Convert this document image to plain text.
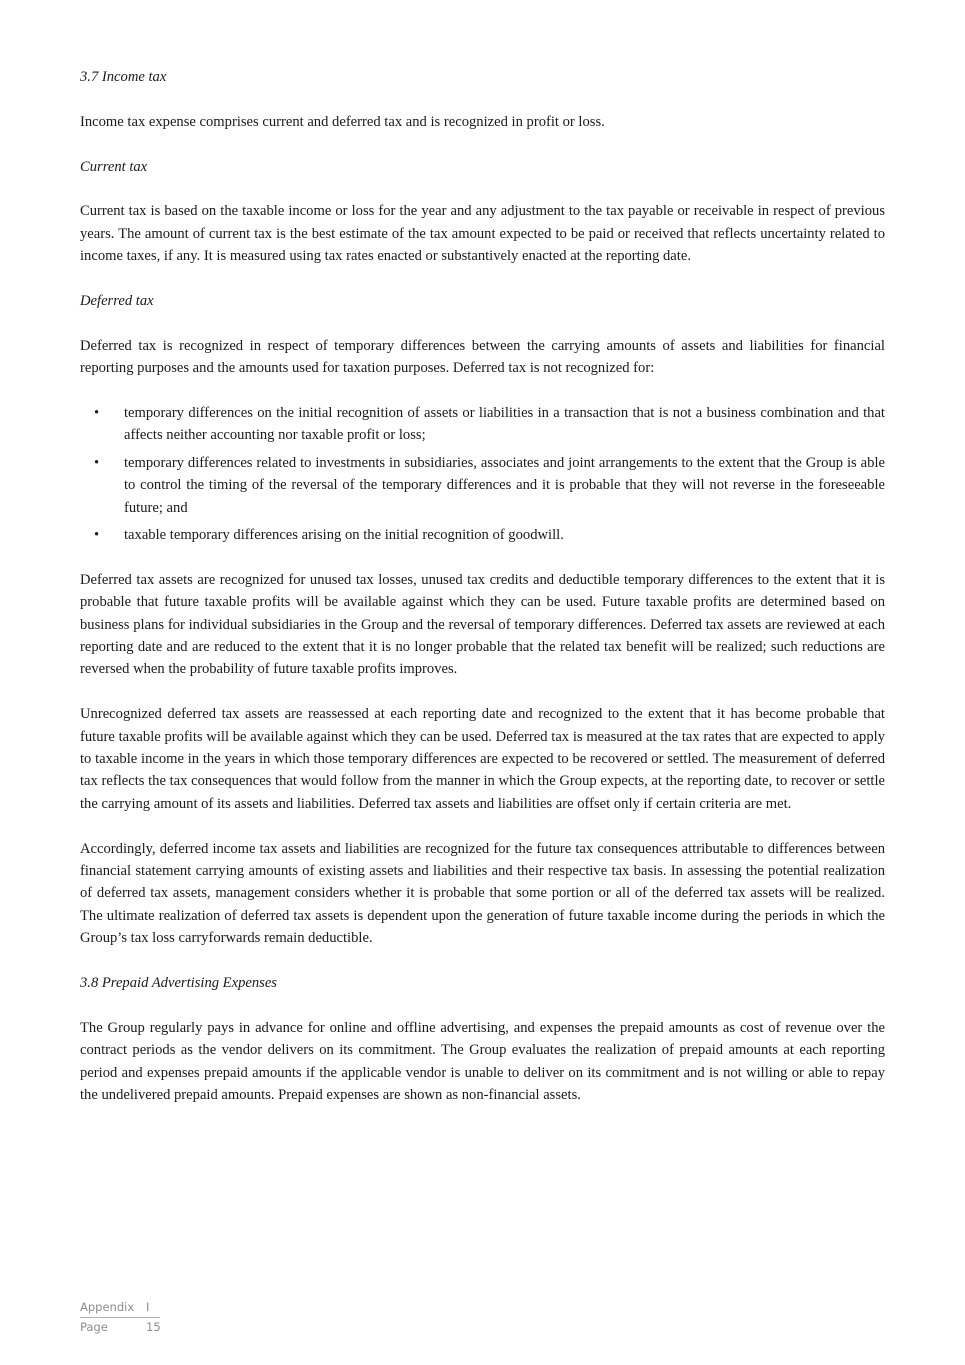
3.7 Income tax

Income tax expense comprises current and deferred tax and is recognized in profit or loss.

Current tax

Current tax is based on the taxable income or loss for the year and any adjustment to the tax payable or receivable in respect of previous years. The amount of current tax is the best estimate of the tax amount expected to be paid or received that reflects uncertainty related to income taxes, if any. It is measured using tax rates enacted or substantively enacted at the reporting date.

Deferred tax

Deferred tax is recognized in respect of temporary differences between the carrying amounts of assets and liabilities for financial reporting purposes and the amounts used for taxation purposes. Deferred tax is not recognized for:

• temporary differences on the initial recognition of assets or liabilities in a transaction that is not a business combination and that affects neither accounting nor taxable profit or loss;
• temporary differences related to investments in subsidiaries, associates and joint arrangements to the extent that the Group is able to control the timing of the reversal of the temporary differences and it is probable that they will not reverse in the foreseeable future; and
• taxable temporary differences arising on the initial recognition of goodwill.

Deferred tax assets are recognized for unused tax losses, unused tax credits and deductible temporary differences to the extent that it is probable that future taxable profits will be available against which they can be used. Future taxable profits are determined based on business plans for individual subsidiaries in the Group and the reversal of temporary differences. Deferred tax assets are reviewed at each reporting date and are reduced to the extent that it is no longer probable that the related tax benefit will be realized; such reductions are reversed when the probability of future taxable profits improves.

Unrecognized deferred tax assets are reassessed at each reporting date and recognized to the extent that it has become probable that future taxable profits will be available against which they can be used. Deferred tax is measured at the tax rates that are expected to apply to taxable income in the years in which those temporary differences are expected to be recovered or settled. The measurement of deferred tax reflects the tax consequences that would follow from the manner in which the Group expects, at the reporting date, to recover or settle the carrying amount of its assets and liabilities. Deferred tax assets and liabilities are offset only if certain criteria are met.

Accordingly, deferred income tax assets and liabilities are recognized for the future tax consequences attributable to differences between financial statement carrying amounts of existing assets and liabilities and their respective tax basis. In assessing the potential realization of deferred tax assets, management considers whether it is probable that some portion or all of the deferred tax assets will be realized. The ultimate realization of deferred tax assets is dependent upon the generation of future taxable income during the periods in which the Group’s tax loss carryforwards remain deductible.

3.8 Prepaid Advertising Expenses

The Group regularly pays in advance for online and offline advertising, and expenses the prepaid amounts as cost of revenue over the contract periods as the vendor delivers on its commitment. The Group evaluates the realization of prepaid amounts at each reporting period and expenses prepaid amounts if the applicable vendor is unable to deliver on its commitment and is not willing or able to repay the undelivered prepaid amounts. Prepaid expenses are shown as non-financial assets.

Appendix	I
Page	15
